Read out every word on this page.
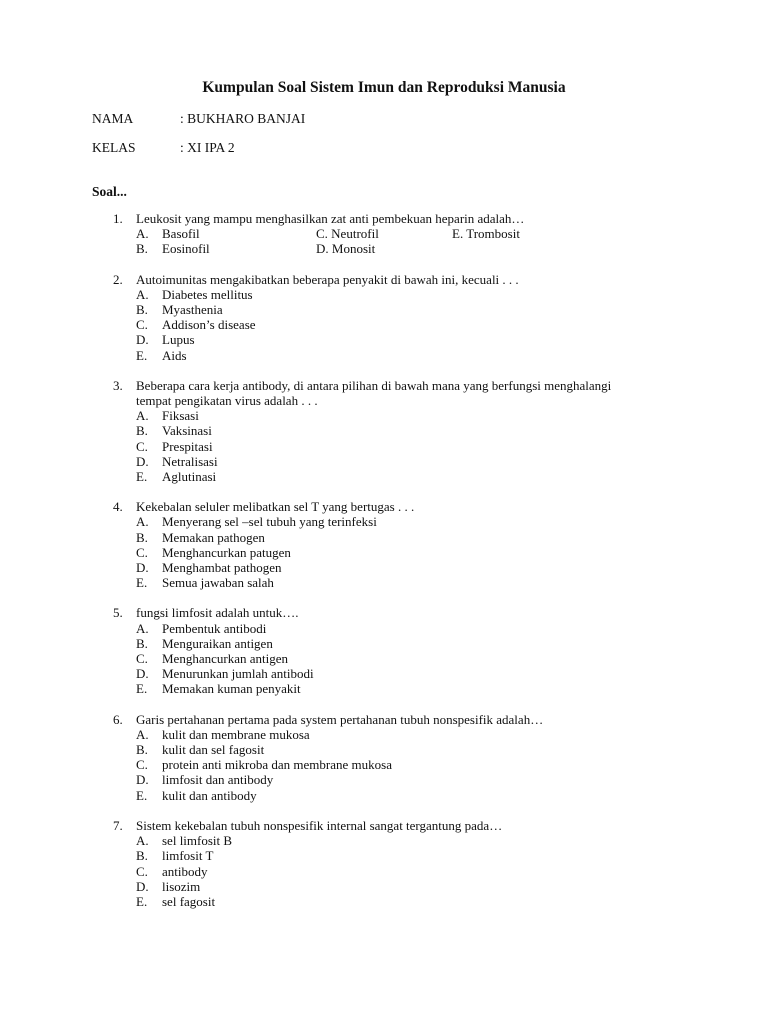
Kumpulan Soal Sistem Imun dan Reproduksi Manusia
NAMA	: BUKHARO BANJAI
KELAS	: XI IPA 2
Soal...
1. Leukosit yang mampu menghasilkan zat anti pembekuan heparin adalah…
A. Basofil
B. Eosinofil
C. Neutrofil
D. Monosit
E. Trombosit
2. Autoimunitas mengakibatkan beberapa penyakit di bawah ini, kecuali . . .
A. Diabetes mellitus
B. Myasthenia
C. Addison’s disease
D. Lupus
E. Aids
3. Beberapa cara kerja antibody, di antara pilihan di bawah mana yang berfungsi menghalangi tempat pengikatan virus adalah . . .
A. Fiksasi
B. Vaksinasi
C. Prespitasi
D. Netralisasi
E. Aglutinasi
4. Kekebalan seluler melibatkan sel T yang bertugas . . .
A. Menyerang sel –sel tubuh yang terinfeksi
B. Memakan pathogen
C. Menghancurkan patugen
D. Menghambat pathogen
E. Semua jawaban salah
5. fungsi limfosit adalah untuk….
A. Pembentuk antibodi
B. Menguraikan antigen
C. Menghancurkan antigen
D. Menurunkan jumlah antibodi
E. Memakan kuman penyakit
6. Garis pertahanan pertama pada system pertahanan tubuh nonspesifik adalah…
A. kulit dan membrane mukosa
B. kulit dan sel fagosit
C. protein anti mikroba dan membrane mukosa
D. limfosit dan antibody
E. kulit dan antibody
7. Sistem kekebalan tubuh nonspesifik internal sangat tergantung pada…
A. sel limfosit B
B. limfosit T
C. antibody
D. lisozim
E. sel fagosit
